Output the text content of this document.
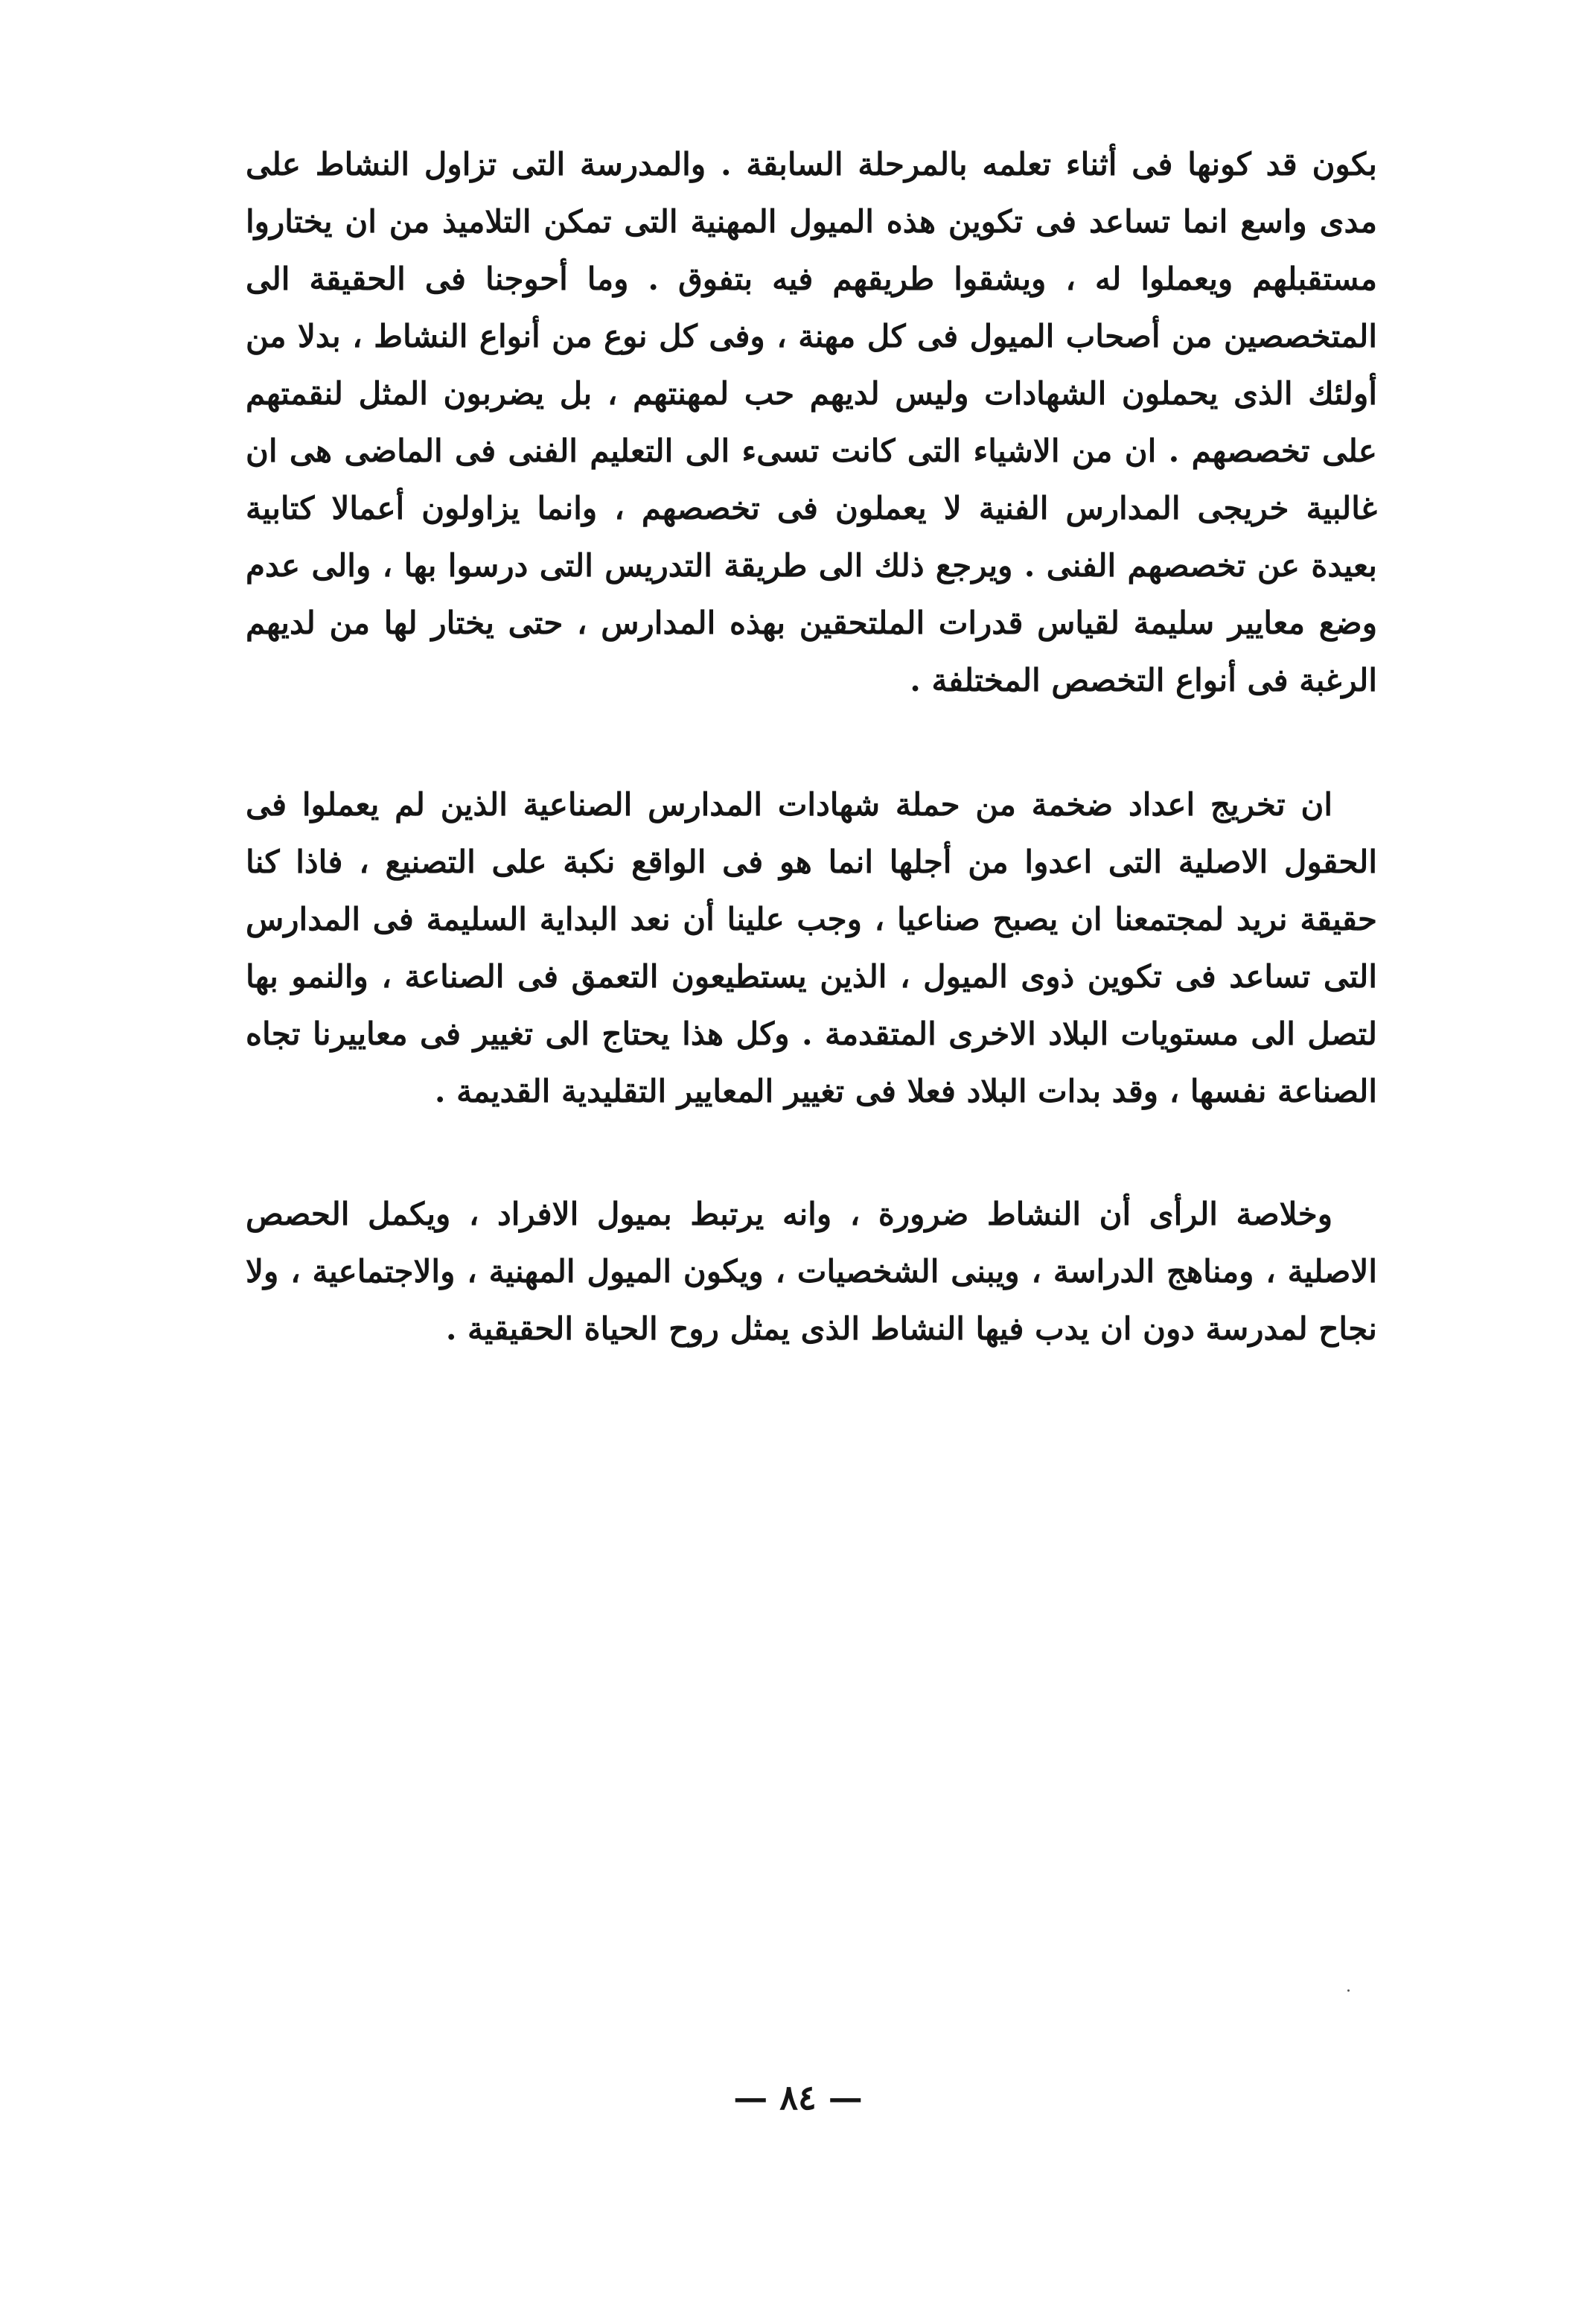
بكون قد كونها فى أثناء تعلمه بالمرحلة السابقة . والمدرسة التى تزاول النشاط على مدى واسع انما تساعد فى تكوين هذه الميول المهنية التى تمكن التلاميذ من ان يختاروا مستقبلهم ويعملوا له ، ويشقوا طريقهم فيه بتفوق . وما أحوجنا فى الحقيقة الى المتخصصين من أصحاب الميول فى كل مهنة ، وفى كل نوع من أنواع النشاط ، بدلا من أولئك الذى يحملون الشهادات وليس لديهم حب لمهنتهم ، بل يضربون المثل لنقمتهم على تخصصهم . ان من الاشياء التى كانت تسىء الى التعليم الفنى فى الماضى هى ان غالبية خريجى المدارس الفنية لا يعملون فى تخصصهم ، وانما يزاولون أعمالا كتابية بعيدة عن تخصصهم الفنى . ويرجع ذلك الى طريقة التدريس التى درسوا بها ، والى عدم وضع معايير سليمة لقياس قدرات الملتحقين بهذه المدارس ، حتى يختار لها من لديهم الرغبة فى أنواع التخصص المختلفة .

ان تخريج اعداد ضخمة من حملة شهادات المدارس الصناعية الذين لم يعملوا فى الحقول الاصلية التى اعدوا من أجلها انما هو فى الواقع نكبة على التصنيع ، فاذا كنا حقيقة نريد لمجتمعنا ان يصبح صناعيا ، وجب علينا أن نعد البداية السليمة فى المدارس التى تساعد فى تكوين ذوى الميول ، الذين يستطيعون التعمق فى الصناعة ، والنمو بها لتصل الى مستويات البلاد الاخرى المتقدمة . وكل هذا يحتاج الى تغيير فى معاييرنا تجاه الصناعة نفسها ، وقد بدات البلاد فعلا فى تغيير المعايير التقليدية القديمة .

وخلاصة الرأى أن النشاط ضرورة ، وانه يرتبط بميول الافراد ، ويكمل الحصص الاصلية ، ومناهج الدراسة ، ويبنى الشخصيات ، ويكون الميول المهنية ، والاجتماعية ، ولا نجاح لمدرسة دون ان يدب فيها النشاط الذى يمثل روح الحياة الحقيقية .

— ٨٤ —
